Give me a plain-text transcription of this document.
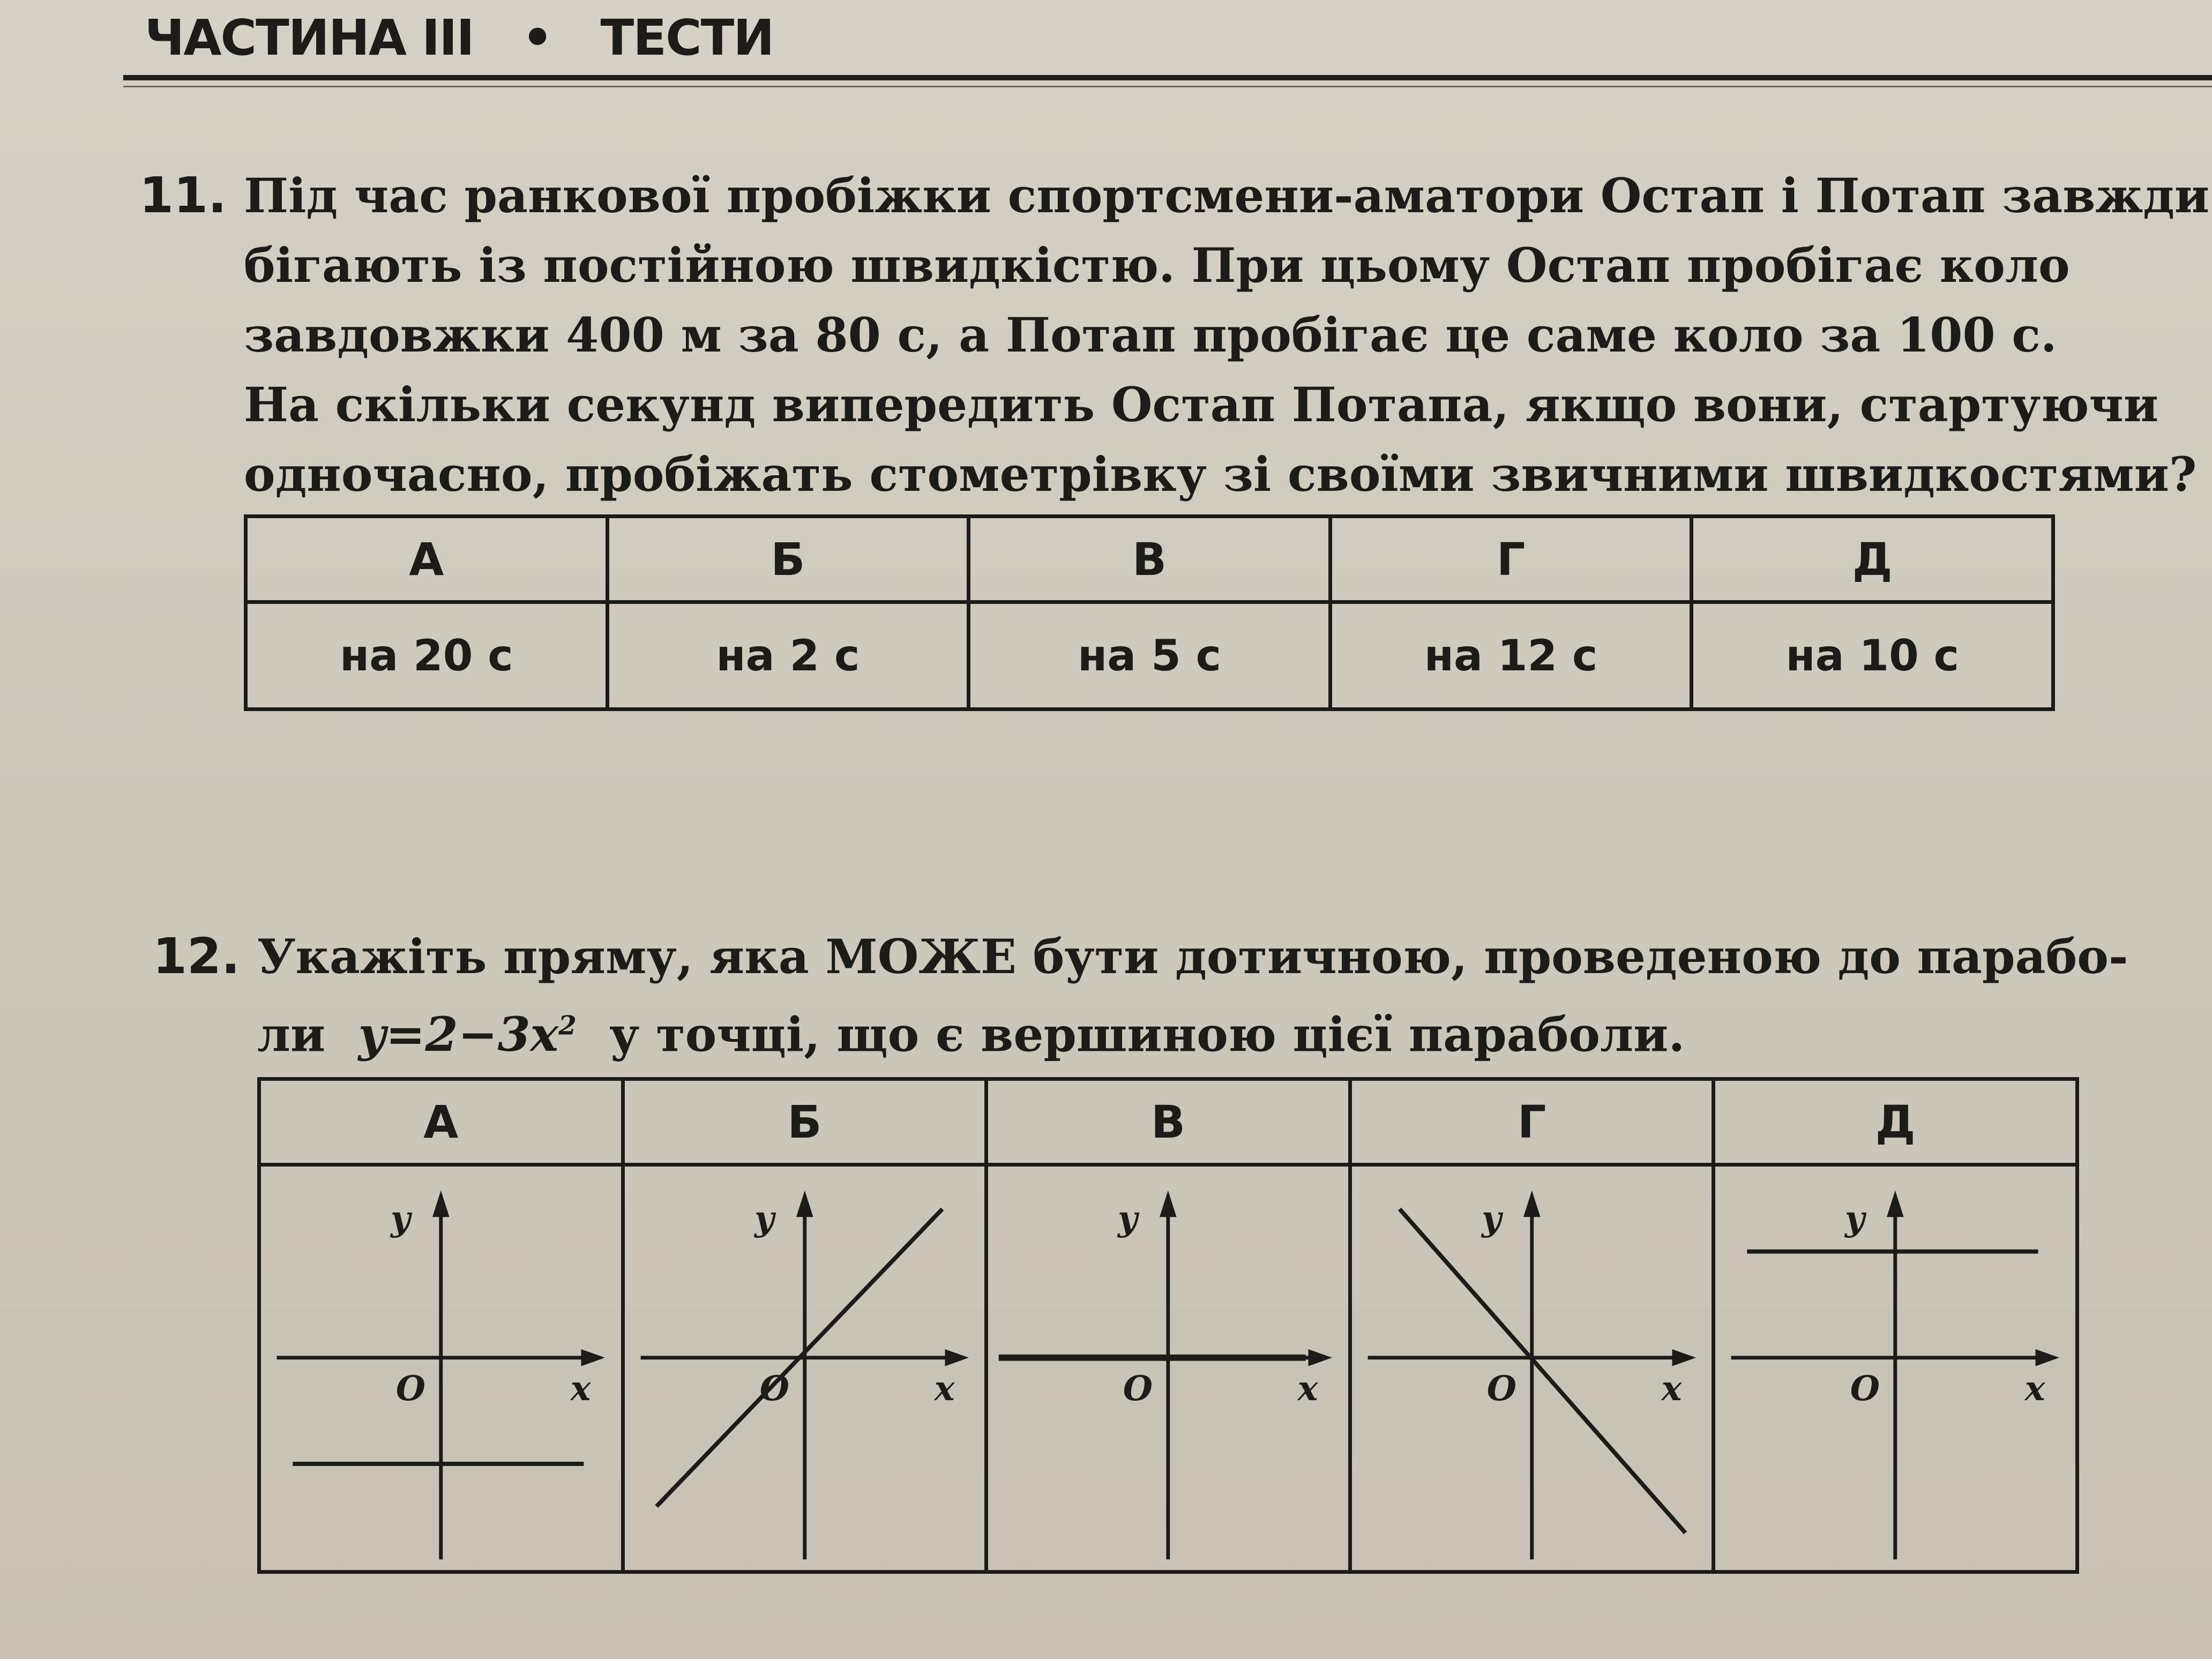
ЧАСТИНА III • ТЕСТИ
11. Під час ранкової пробіжки спортсмени-аматори Остап і Потап завжди
бігають із постійною швидкістю. При цьому Остап пробігає коло
завдовжки 400 м за 80 с, а Потап пробігає це саме коло за 100 с.
На скільки секунд випередить Остап Потапа, якщо вони, стартуючи
одночасно, пробіжать стометрівку зі своїми звичними швидкостями?
А	Б	В	Г	Д
на 20 с	на 2 с	на 5 с	на 12 с	на 10 с
12. Укажіть пряму, яка МОЖЕ бути дотичною, проведеною до парабо-
ли $y=2-3x^2$ у точці, що є вершиною цієї параболи.
А	Б	В	Г	Д

y
x
O	y
x
O	y
x
O	y
x
O	y
x
O
